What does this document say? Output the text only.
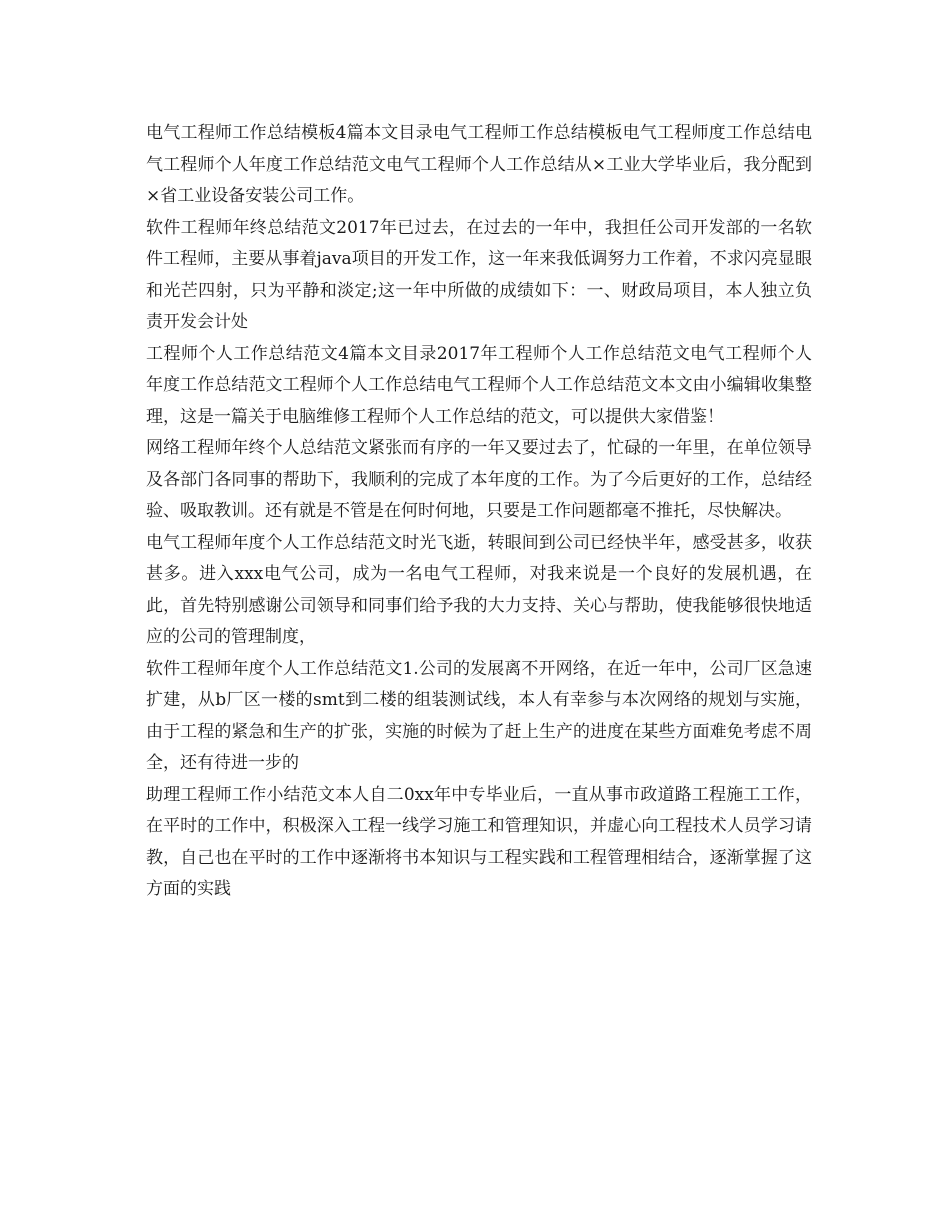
电气工程师工作总结模板4篇本文目录电气工程师工作总结模板电气工程师度工作总结电气工程师个人年度工作总结范文电气工程师个人工作总结从×工业大学毕业后，我分配到×省工业设备安装公司工作。

软件工程师年终总结范文2017年已过去，在过去的一年中，我担任公司开发部的一名软件工程师，主要从事着java项目的开发工作，这一年来我低调努力工作着，不求闪亮显眼和光芒四射，只为平静和淡定;这一年中所做的成绩如下：一、财政局项目，本人独立负责开发会计处

工程师个人工作总结范文4篇本文目录2017年工程师个人工作总结范文电气工程师个人年度工作总结范文工程师个人工作总结电气工程师个人工作总结范文本文由小编辑收集整理，这是一篇关于电脑维修工程师个人工作总结的范文，可以提供大家借鉴！

网络工程师年终个人总结范文紧张而有序的一年又要过去了，忙碌的一年里，在单位领导及各部门各同事的帮助下，我顺利的完成了本年度的工作。为了今后更好的工作，总结经验、吸取教训。还有就是不管是在何时何地，只要是工作问题都毫不推托，尽快解决。

电气工程师年度个人工作总结范文时光飞逝，转眼间到公司已经快半年，感受甚多，收获甚多。进入xxx电气公司，成为一名电气工程师，对我来说是一个良好的发展机遇，在此，首先特别感谢公司领导和同事们给予我的大力支持、关心与帮助，使我能够很快地适应的公司的管理制度，

软件工程师年度个人工作总结范文1.公司的发展离不开网络，在近一年中，公司厂区急速扩建，从b厂区一楼的smt到二楼的组装测试线，本人有幸参与本次网络的规划与实施，由于工程的紧急和生产的扩张，实施的时候为了赶上生产的进度在某些方面难免考虑不周全，还有待进一步的

助理工程师工作小结范文本人自二0xx年中专毕业后，一直从事市政道路工程施工工作，在平时的工作中，积极深入工程一线学习施工和管理知识，并虚心向工程技术人员学习请教，自己也在平时的工作中逐渐将书本知识与工程实践和工程管理相结合，逐渐掌握了这方面的实践
